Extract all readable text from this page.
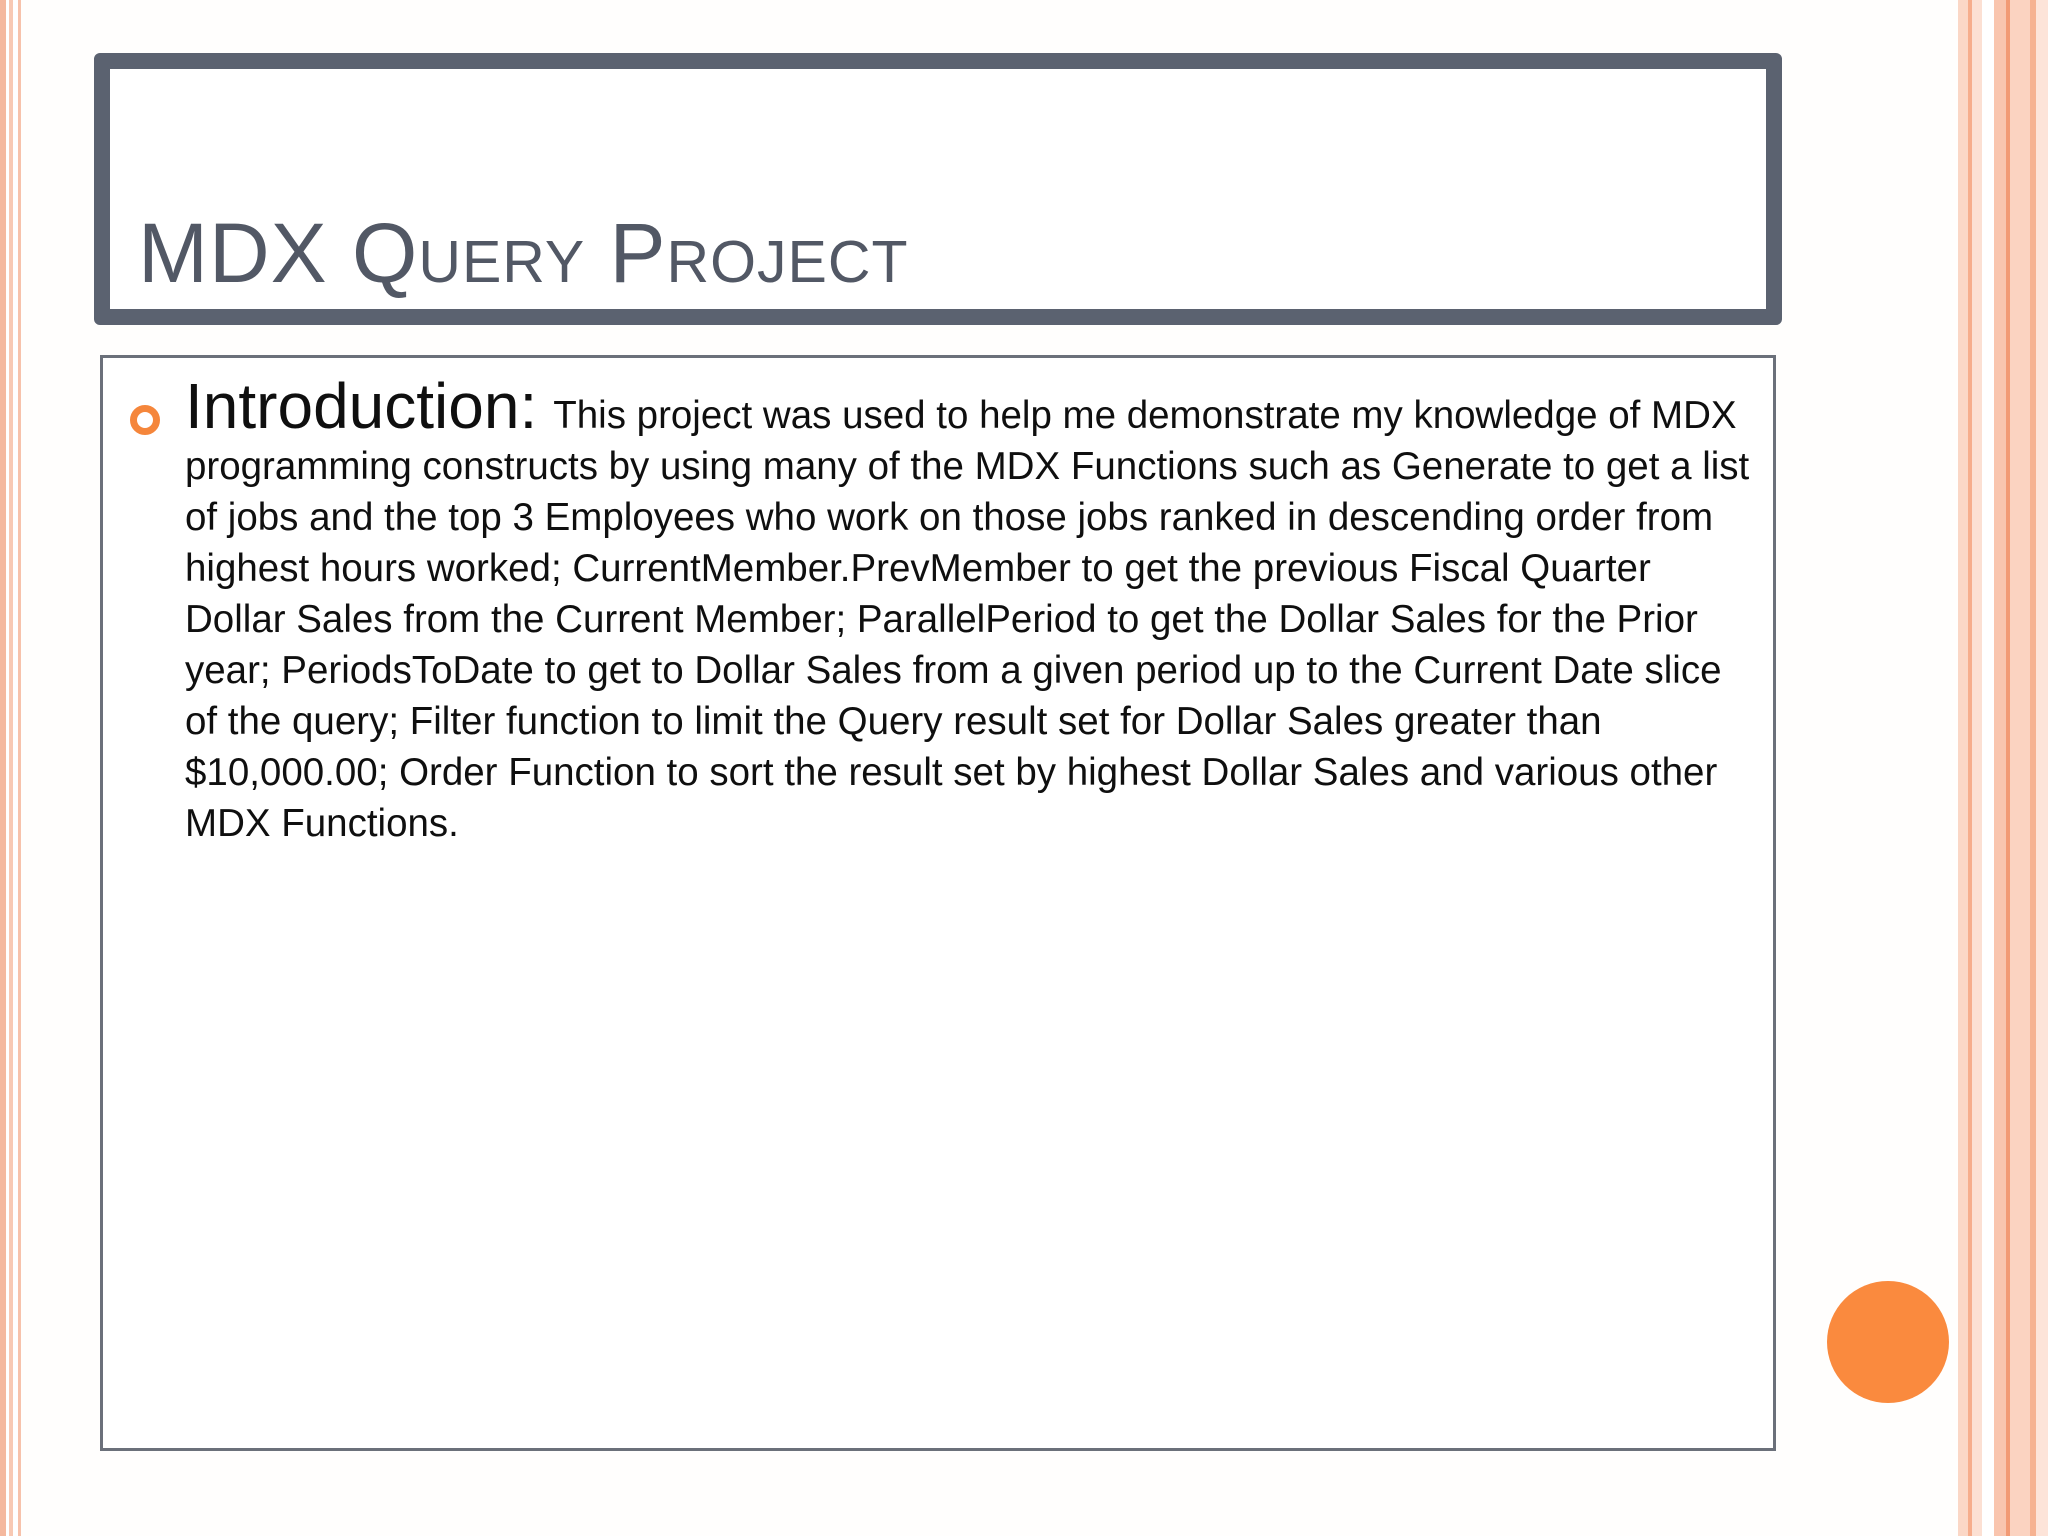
MDX Query Project

Introduction: This project was used to help me demonstrate my knowledge of MDX programming constructs by using many of the MDX Functions such as Generate to get a list of jobs and the top 3 Employees who work on those jobs ranked in descending order from highest hours worked; CurrentMember.PrevMember to get the previous Fiscal Quarter Dollar Sales from the Current Member; ParallelPeriod to get the Dollar Sales for the Prior year; PeriodsToDate to get to Dollar Sales from a given period up to the Current Date slice of the query; Filter function to limit the Query result set for Dollar Sales greater than $10,000.00; Order Function to sort the result set by highest Dollar Sales and various other MDX Functions.
